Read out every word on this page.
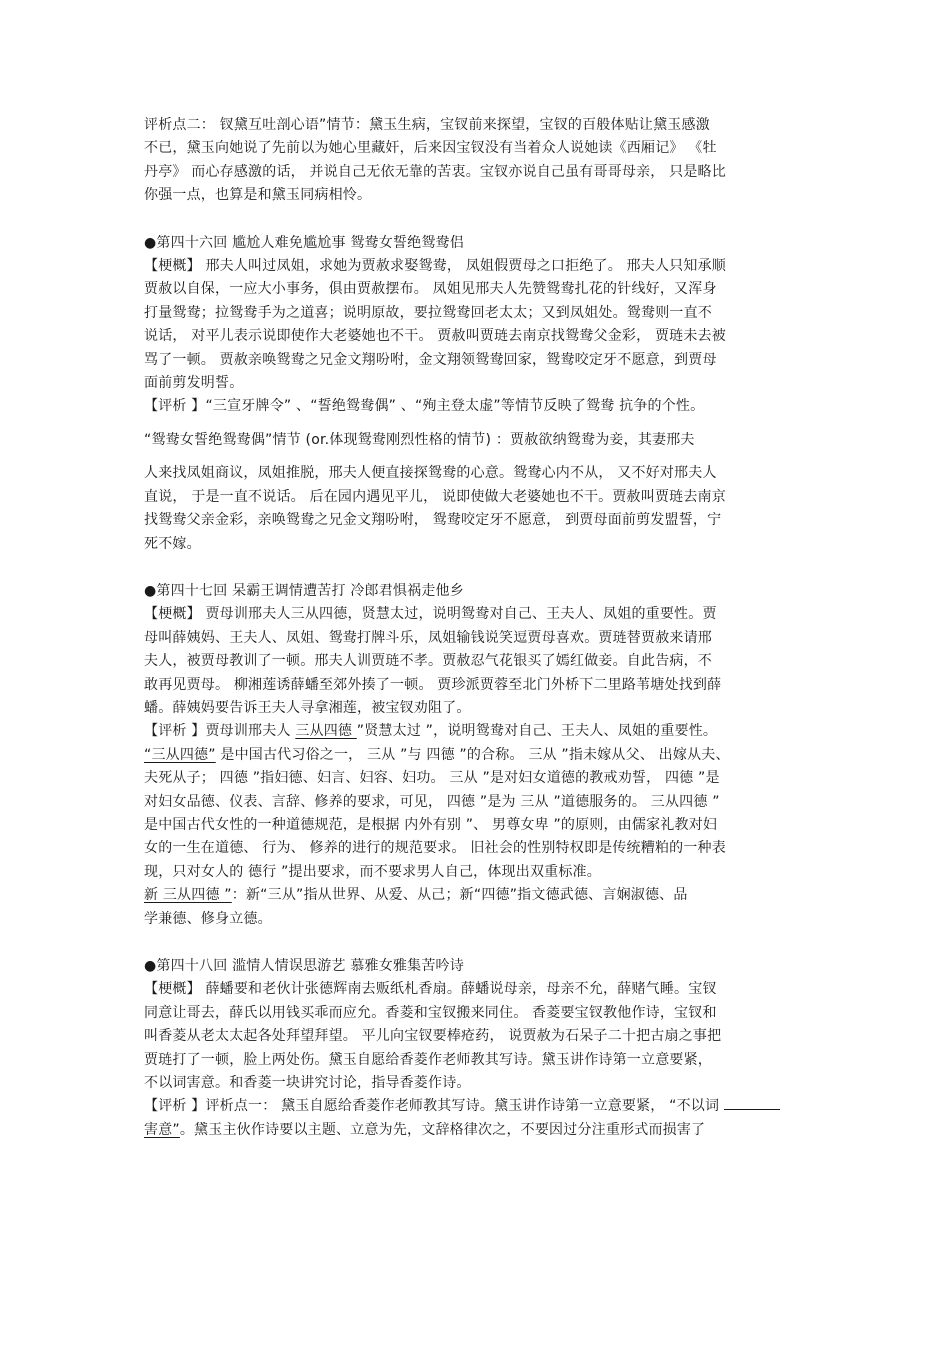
评析点二： 钗黛互吐剖心语”情节：黛玉生病，宝钗前来探望，宝钗的百般体贴让黛玉感激
不已，黛玉向她说了先前以为她心里藏奸，后来因宝钗没有当着众人说她读《西厢记》 《牡
丹亭》 而心存感激的话， 并说自己无依无靠的苦衷。宝钗亦说自己虽有哥哥母亲， 只是略比
你强一点，也算是和黛玉同病相怜。
●第四十六回 尴尬人难免尴尬事 鸳鸯女誓绝鸳鸯侣
【梗概】 邢夫人叫过凤姐，求她为贾赦求娶鸳鸯， 凤姐假贾母之口拒绝了。 邢夫人只知承顺
贾赦以自保，一应大小事务，俱由贾赦摆布。 凤姐见邢夫人先赞鸳鸯扎花的针线好，又浑身
打量鸳鸯；拉鸳鸯手为之道喜；说明原故，要拉鸳鸯回老太太；又到凤姐处。鸳鸯则一直不
说话， 对平儿表示说即使作大老婆她也不干。 贾赦叫贾琏去南京找鸳鸯父金彩， 贾琏未去被
骂了一顿。 贾赦亲唤鸳鸯之兄金文翔吩咐，金文翔领鸳鸯回家，鸳鸯咬定牙不愿意，到贾母
面前剪发明誓。
【评析 】“三宣牙牌令” 、“誓绝鸳鸯偶” 、“殉主登太虚”等情节反映了鸳鸯 抗争的个性。
“鸳鸯女誓绝鸳鸯偶”情节 (or.体现鸳鸯刚烈性格的情节) ：贾赦欲纳鸳鸯为妾，其妻邢夫
人来找凤姐商议，凤姐推脱，邢夫人便直接探鸳鸯的心意。鸳鸯心内不从， 又不好对邢夫人
直说， 于是一直不说话。 后在园内遇见平儿， 说即使做大老婆她也不干。贾赦叫贾琏去南京
找鸳鸯父亲金彩，亲唤鸳鸯之兄金文翔吩咐， 鸳鸯咬定牙不愿意， 到贾母面前剪发盟誓，宁
死不嫁。
●第四十七回 呆霸王调情遭苦打 冷郎君惧祸走他乡
【梗概】 贾母训邢夫人三从四德，贤慧太过，说明鸳鸯对自己、王夫人、凤姐的重要性。贾
母叫薛姨妈、王夫人、凤姐、鸳鸯打牌斗乐，凤姐输钱说笑逗贾母喜欢。贾琏替贾赦来请邢
夫人，被贾母教训了一顿。邢夫人训贾琏不孝。贾赦忍气花银买了嫣红做妾。自此告病，不
敢再见贾母。 柳湘莲诱薛蟠至郊外揍了一顿。 贾珍派贾蓉至北门外桥下二里路苇塘处找到薛
蟠。薛姨妈要告诉王夫人寻拿湘莲，被宝钗劝阻了。
【评析 】贾母训邢夫人 三从四德 ”贤慧太过 ”，说明鸳鸯对自己、王夫人、凤姐的重要性。
“三从四德” 是中国古代习俗之一， 三从 ”与 四德 ”的合称。 三从 ”指未嫁从父、 出嫁从夫、
夫死从子； 四德 ”指妇德、妇言、妇容、妇功。 三从 ”是对妇女道德的教戒劝誓， 四德 ”是
对妇女品德、仪表、言辞、修养的要求，可见， 四德 ”是为 三从 ”道德服务的。 三从四德 ”
是中国古代女性的一种道德规范，是根据 内外有别 ”、 男尊女卑 ”的原则，由儒家礼教对妇
女的一生在道德、 行为、 修养的进行的规范要求。 旧社会的性别特权即是传统糟粕的一种表
现，只对女人的 德行 ”提出要求，而不要求男人自己，体现出双重标准。
新 三从四德 ”：新“三从”指从世界、从爱、从己；新“四德”指文德武德、言娴淑德、品
学兼德、修身立德。
●第四十八回 滥情人情误思游艺 慕雅女雅集苦吟诗
【梗概】 薛蟠要和老伙计张德辉南去贩纸札香扇。薛蟠说母亲，母亲不允，薛赌气睡。宝钗
同意让哥去，薛氏以用钱买乖而应允。香菱和宝钗搬来同住。 香菱要宝钗教他作诗，宝钗和
叫香菱从老太太起各处拜望拜望。 平儿向宝钗要棒疮药， 说贾赦为石呆子二十把古扇之事把
贾琏打了一顿，脸上两处伤。黛玉自愿给香菱作老师教其写诗。黛玉讲作诗第一立意要紧，
不以词害意。和香菱一块讲究讨论，指导香菱作诗。
【评析 】评析点一： 黛玉自愿给香菱作老师教其写诗。黛玉讲作诗第一立意要紧， “不以词
害意”。黛玉主伙作诗要以主题、立意为先，文辞格律次之，不要因过分注重形式而损害了
